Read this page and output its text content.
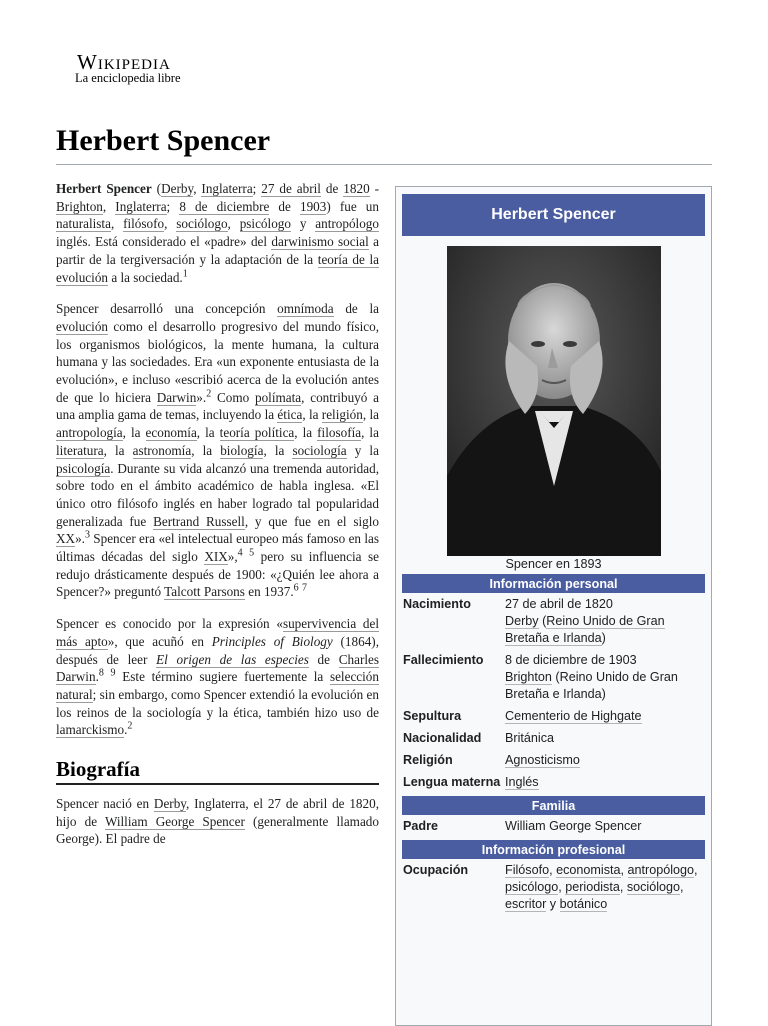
Wikipedia
La enciclopedia libre
Herbert Spencer

Herbert Spencer (Derby, Inglaterra; 27 de abril de 1820 - Brighton, Inglaterra; 8 de diciembre de 1903) fue un naturalista, filósofo, sociólogo, psicólogo y antropólogo inglés. Está considerado el «padre» del darwinismo social a partir de la tergiversación y la adaptación de la teoría de la evolución a la sociedad.$^1$

Spencer desarrolló una concepción omnímoda de la evolución como el desarrollo progresivo del mundo físico, los organismos biológicos, la mente humana, la cultura humana y las sociedades. Era «un exponente entusiasta de la evolución», e incluso «escribió acerca de la evolución antes de que lo hiciera Darwin».$^2$ Como polímata, contribuyó a una amplia gama de temas, incluyendo la ética, la religión, la antropología, la economía, la teoría política, la filosofía, la literatura, la astronomía, la biología, la sociología y la psicología. Durante su vida alcanzó una tremenda autoridad, sobre todo en el ámbito académico de habla inglesa. «El único otro filósofo inglés en haber logrado tal popularidad generalizada fue Bertrand Russell, y que fue en el siglo XX».$^3$ Spencer era «el intelectual europeo más famoso en las últimas décadas del siglo XIX»,$^4$ $^5$ pero su influencia se redujo drásticamente después de 1900: «¿Quién lee ahora a Spencer?» preguntó Talcott Parsons en 1937.$^6$ $^7$

Spencer es conocido por la expresión «supervivencia del más apto», que acuñó en Principles of Biology (1864), después de leer El origen de las especies de Charles Darwin.$^8$ $^9$ Este término sugiere fuertemente la selección natural; sin embargo, como Spencer extendió la evolución en los reinos de la sociología y la ética, también hizo uso de lamarckismo.$^2$

Biografía

Spencer nació en Derby, Inglaterra, el 27 de abril de 1820, hijo de William George Spencer (generalmente llamado George). El padre de

Herbert Spencer
Spencer en 1893
Información personal
Nacimiento	27 de abril de 1820
Derby (Reino Unido de Gran Bretaña e Irlanda)
Fallecimiento	8 de diciembre de 1903
Brighton (Reino Unido de Gran Bretaña e Irlanda)
Sepultura	Cementerio de Highgate
Nacionalidad	Británica
Religión	Agnosticismo
Lengua materna Inglés
Familia
Padre	William George Spencer
Información profesional
Ocupación	Filósofo, economista, antropólogo, psicólogo, periodista, sociólogo, escritor y botánico
